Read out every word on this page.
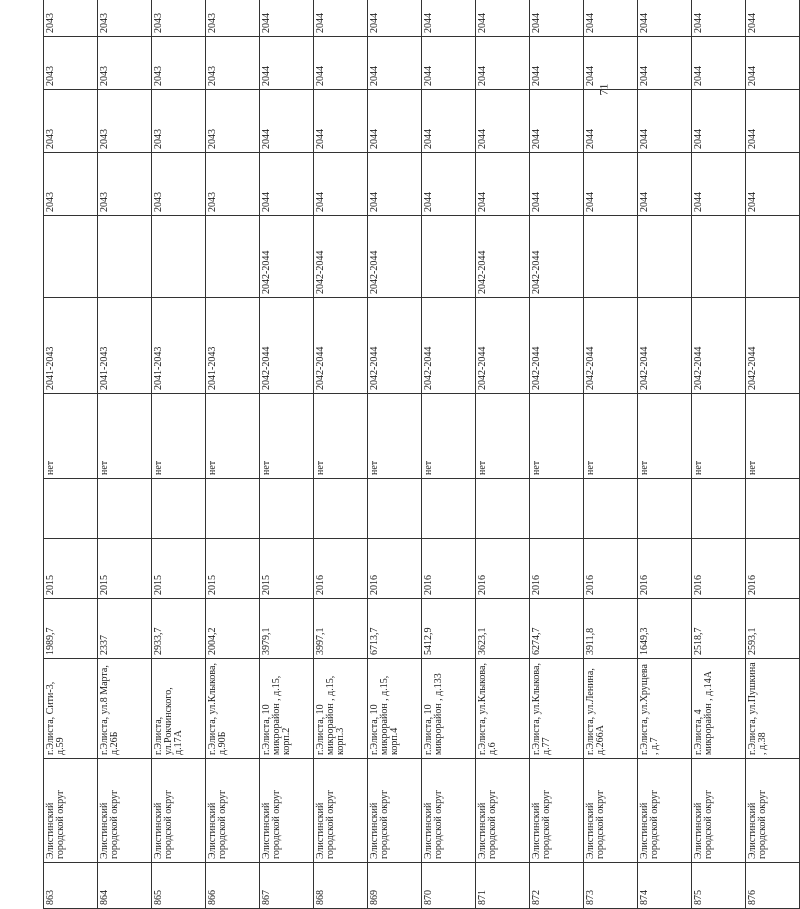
863	Элистинский городской округ	г.Элиста, Сити-3, д.59	1989,7	2015		нет	2041-2043		2043	2043	2043	2043	
864	Элистинский городской округ	г.Элиста, ул.8 Марта, д.26Б	2337	2015		нет	2041-2043		2043	2043	2043	2043	
865	Элистинский городской округ	г.Элиста, ул.Рокчинского, д.17А	2933,7	2015		нет	2041-2043		2043	2043	2043	2043	
866	Элистинский городской округ	г.Элиста, ул.Клыкова, д.90Б	2004,2	2015		нет	2041-2043		2043	2043	2043	2043	
867	Элистинский городской округ	г.Элиста, 10 микрорайон , д.15, корп.2	3979,1	2015		нет	2042-2044	2042-2044	2044	2044	2044	2044	
868	Элистинский городской округ	г.Элиста, 10 микрорайон , д.15, корп.3	3997,1	2016		нет	2042-2044	2042-2044	2044	2044	2044	2044	
869	Элистинский городской округ	г.Элиста, 10 микрорайон , д.15, корп.4	6713,7	2016		нет	2042-2044	2042-2044	2044	2044	2044	2044	
870	Элистинский городской округ	г.Элиста, 10 микрорайон , д.133	5412,9	2016		нет	2042-2044		2044	2044	2044	2044	
871	Элистинский городской округ	г.Элиста, ул.Клыкова, д.6	3623,1	2016		нет	2042-2044	2042-2044	2044	2044	2044	2044	
872	Элистинский городской округ	г.Элиста, ул.Клыкова, д.77	6274,7	2016		нет	2042-2044	2042-2044	2044	2044	2044	2044	
873	Элистинский городской округ	г.Элиста, ул.Ленина, д.266А	3911,8	2016		нет	2042-2044		2044	2044	2044	2044	
874	Элистинский городской округ	г.Элиста, ул.Хрущева , д.7	1649,3	2016		нет	2042-2044		2044	2044	2044	2044	
875	Элистинский городской округ	г.Элиста, 4 микрорайон , д.14А	2518,7	2016		нет	2042-2044		2044	2044	2044	2044	
876	Элистинский городской округ	г.Элиста, ул.Пушкина , д.38	2593,1	2016		нет	2042-2044		2044	2044	2044	2044	
71
